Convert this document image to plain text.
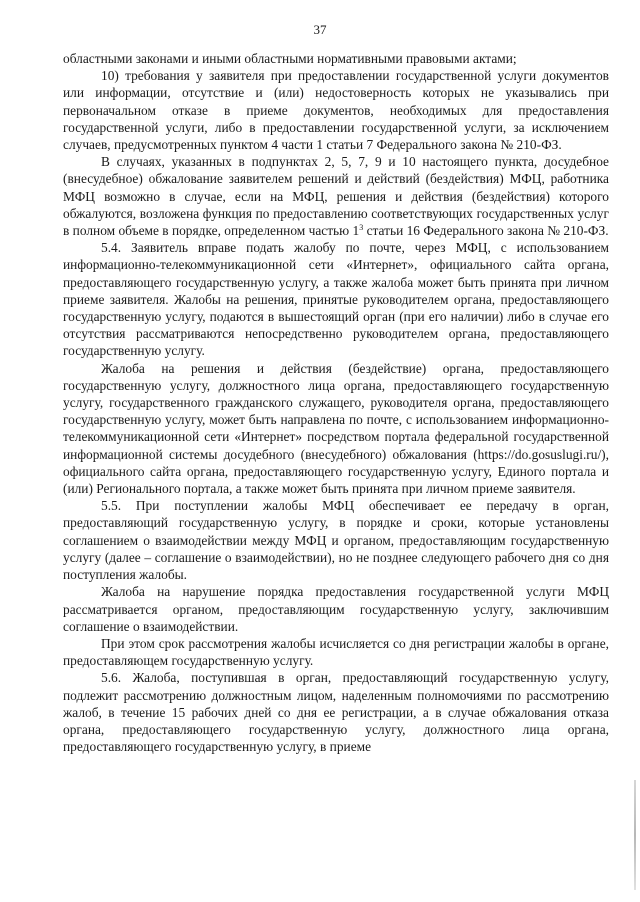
37

областными законами и иными областными нормативными правовыми актами;

10) требования у заявителя при предоставлении государственной услуги документов или информации, отсутствие и (или) недостоверность которых не указывались при первоначальном отказе в приеме документов, необходимых для предоставления государственной услуги, либо в предоставлении государственной услуги, за исключением случаев, предусмотренных пунктом 4 части 1 статьи 7 Федерального закона № 210-ФЗ.

В случаях, указанных в подпунктах 2, 5, 7, 9 и 10 настоящего пункта, досудебное (внесудебное) обжалование заявителем решений и действий (бездействия) МФЦ, работника МФЦ возможно в случае, если на МФЦ, решения и действия (бездействия) которого обжалуются, возложена функция по предоставлению соответствующих государственных услуг в полном объеме в порядке, определенном частью $1^3$ статьи 16 Федерального закона № 210-ФЗ.

5.4. Заявитель вправе подать жалобу по почте, через МФЦ, с использованием информационно-телекоммуникационной сети «Интернет», официального сайта органа, предоставляющего государственную услугу, а также жалоба может быть принята при личном приеме заявителя. Жалобы на решения, принятые руководителем органа, предоставляющего государственную услугу, подаются в вышестоящий орган (при его наличии) либо в случае его отсутствия рассматриваются непосредственно руководителем органа, предоставляющего государственную услугу.

Жалоба на решения и действия (бездействие) органа, предоставляющего государственную услугу, должностного лица органа, предоставляющего государственную услугу, государственного гражданского служащего, руководителя органа, предоставляющего государственную услугу, может быть направлена по почте, с использованием информационно-телекоммуникационной сети «Интернет» посредством портала федеральной государственной информационной системы досудебного (внесудебного) обжалования (https://do.gosuslugi.ru/), официального сайта органа, предоставляющего государственную услугу, Единого портала и (или) Регионального портала, а также может быть принята при личном приеме заявителя.

5.5. При поступлении жалобы МФЦ обеспечивает ее передачу в орган, предоставляющий государственную услугу, в порядке и сроки, которые установлены соглашением о взаимодействии между МФЦ и органом, предоставляющим государственную услугу (далее – соглашение о взаимодействии), но не позднее следующего рабочего дня со дня поступления жалобы.

Жалоба на нарушение порядка предоставления государственной услуги МФЦ рассматривается органом, предоставляющим государственную услугу, заключившим соглашение о взаимодействии.

При этом срок рассмотрения жалобы исчисляется со дня регистрации жалобы в органе, предоставляющем государственную услугу.

5.6. Жалоба, поступившая в орган, предоставляющий государственную услугу, подлежит рассмотрению должностным лицом, наделенным полномочиями по рассмотрению жалоб, в течение 15 рабочих дней со дня ее регистрации, а в случае обжалования отказа органа, предоставляющего государственную услугу, должностного лица органа, предоставляющего государственную услугу, в приеме
